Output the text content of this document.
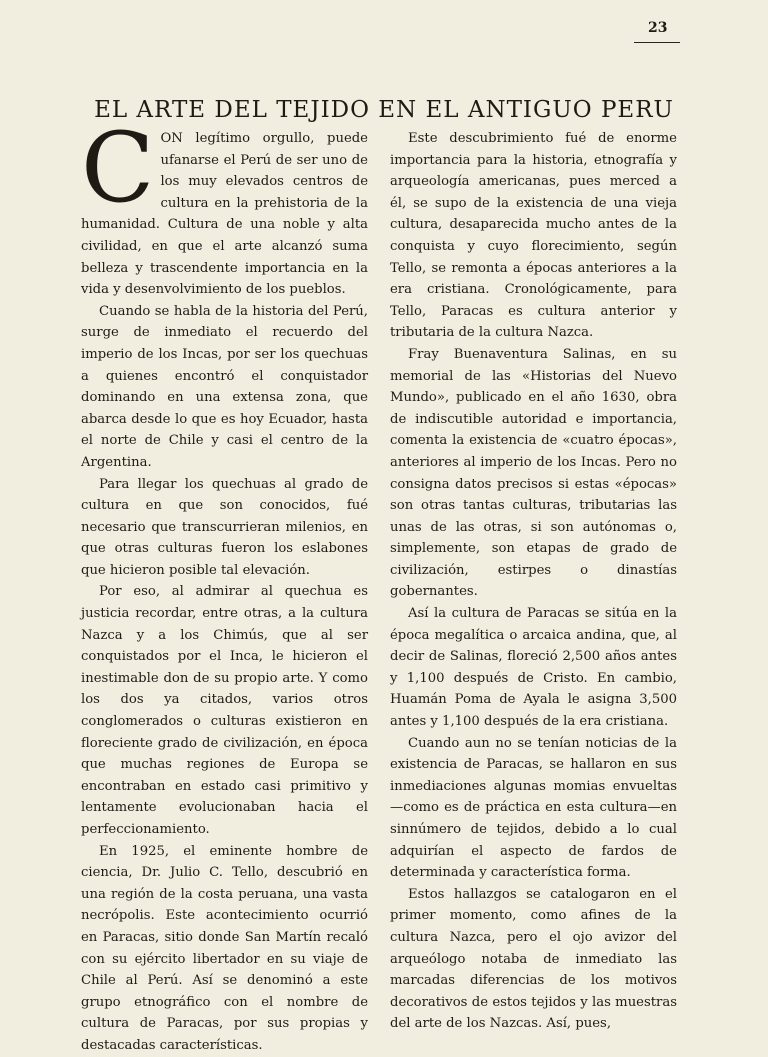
23
EL ARTE DEL TEJIDO EN EL ANTIGUO PERU

CON legítimo orgullo, puede ufanarse el Perú de ser uno de los muy elevados centros de cultura en la prehistoria de la humanidad. Cultura de una noble y alta civilidad, en que el arte alcanzó suma belleza y trascendente importancia en la vida y desenvolvimiento de los pueblos.

Cuando se habla de la historia del Perú, surge de inmediato el recuerdo del imperio de los Incas, por ser los quechuas a quienes encontró el conquistador dominando en una extensa zona, que abarca desde lo que es hoy Ecuador, hasta el norte de Chile y casi el centro de la Argentina.

Para llegar los quechuas al grado de cultura en que son conocidos, fué necesario que transcurrieran milenios, en que otras culturas fueron los eslabones que hicieron posible tal elevación.

Por eso, al admirar al quechua es justicia recordar, entre otras, a la cultura Nazca y a los Chimús, que al ser conquistados por el Inca, le hicieron el inestimable don de su propio arte. Y como los dos ya citados, varios otros conglomerados o culturas existieron en floreciente grado de civilización, en época que muchas regiones de Europa se encontraban en estado casi primitivo y lentamente evolucionaban hacia el perfeccionamiento.

En 1925, el eminente hombre de ciencia, Dr. Julio C. Tello, descubrió en una región de la costa peruana, una vasta necrópolis. Este acontecimiento ocurrió en Paracas, sitio donde San Martín recaló con su ejército libertador en su viaje de Chile al Perú. Así se denominó a este grupo etnográfico con el nombre de cultura de Paracas, por sus propias y destacadas características.

Este descubrimiento fué de enorme importancia para la historia, etnografía y arqueología americanas, pues merced a él, se supo de la existencia de una vieja cultura, desaparecida mucho antes de la conquista y cuyo florecimiento, según Tello, se remonta a épocas anteriores a la era cristiana. Cronológicamente, para Tello, Paracas es cultura anterior y tributaria de la cultura Nazca.

Fray Buenaventura Salinas, en su memorial de las «Historias del Nuevo Mundo», publicado en el año 1630, obra de indiscutible autoridad e importancia, comenta la existencia de «cuatro épocas», anteriores al imperio de los Incas. Pero no consigna datos precisos si estas «épocas» son otras tantas culturas, tributarias las unas de las otras, si son autónomas o, simplemente, son etapas de grado de civilización, estirpes o dinastías gobernantes.

Así la cultura de Paracas se sitúa en la época megalítica o arcaica andina, que, al decir de Salinas, floreció 2,500 años antes y 1,100 después de Cristo. En cambio, Huamán Poma de Ayala le asigna 3,500 antes y 1,100 después de la era cristiana.

Cuando aun no se tenían noticias de la existencia de Paracas, se hallaron en sus inmediaciones algunas momias envueltas—como es de práctica en esta cultura—en sinnúmero de tejidos, debido a lo cual adquirían el aspecto de fardos de determinada y característica forma.

Estos hallazgos se catalogaron en el primer momento, como afines de la cultura Nazca, pero el ojo avizor del arqueólogo notaba de inmediato las marcadas diferencias de los motivos decorativos de estos tejidos y las muestras del arte de los Nazcas. Así, pues,
